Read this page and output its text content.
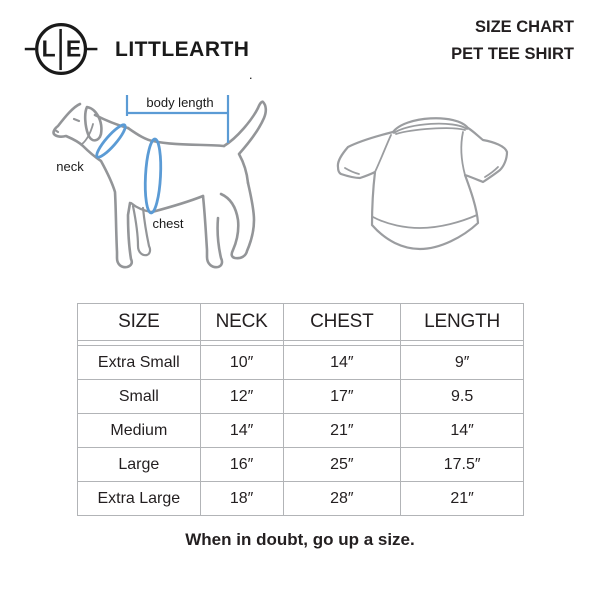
L E LITTLEARTH
.
SIZE CHART
PET TEE SHIRT
body length
neck
chest
SIZE	NECK	CHEST	LENGTH

Extra Small	10″	14″	9″
Small	12″	17″	9.5
Medium	14″	21″	14″
Large	16″	25″	17.5″
Extra Large	18″	28″	21″
When in doubt, go up a size.
